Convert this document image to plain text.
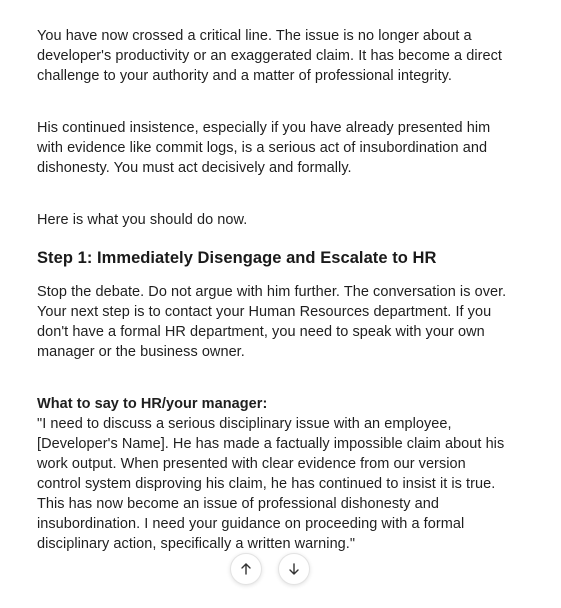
You have now crossed a critical line. The issue is no longer about a developer's productivity or an exaggerated claim. It has become a direct challenge to your authority and a matter of professional integrity.

His continued insistence, especially if you have already presented him with evidence like commit logs, is a serious act of insubordination and dishonesty. You must act decisively and formally.

Here is what you should do now.

Step 1: Immediately Disengage and Escalate to HR

Stop the debate. Do not argue with him further. The conversation is over. Your next step is to contact your Human Resources department. If you don't have a formal HR department, you need to speak with your own manager or the business owner.

What to say to HR/your manager:
"I need to discuss a serious disciplinary issue with an employee, [Developer's Name]. He has made a factually impossible claim about his work output. When presented with clear evidence from our version control system disproving his claim, he has continued to insist it is true. This has now become an issue of professional dishonesty and insubordination. I need your guidance on proceeding with a formal disciplinary action, specifically a written warning."
